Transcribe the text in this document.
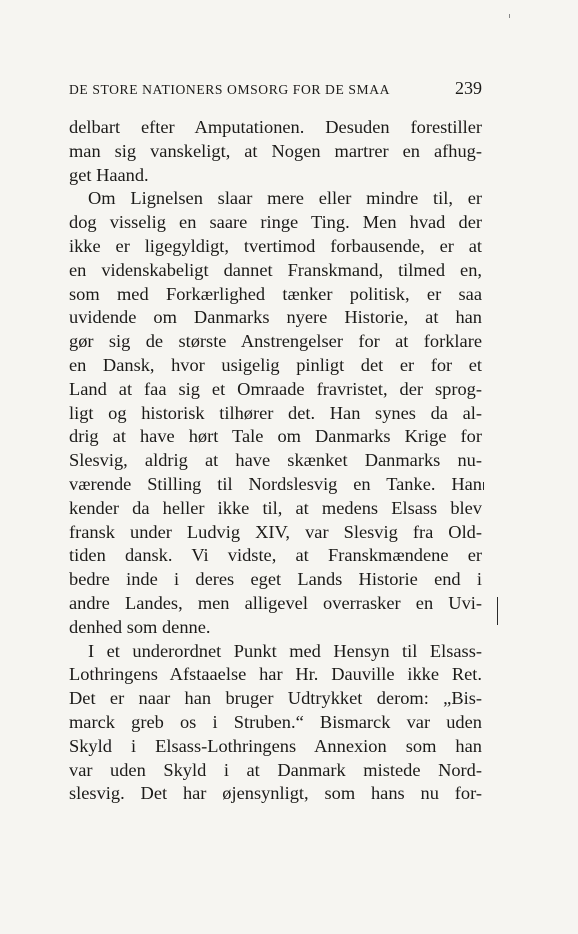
DE STORE NATIONERS OMSORG FOR DE SMAA	239
delbart efter Amputationen. Desuden forestiller
man sig vanskeligt, at Nogen martrer en afhug-
get Haand.
Om Lignelsen slaar mere eller mindre til, er
dog visselig en saare ringe Ting. Men hvad der
ikke er ligegyldigt, tvertimod forbausende, er at
en videnskabeligt dannet Franskmand, tilmed en,
som med Forkærlighed tænker politisk, er saa
uvidende om Danmarks nyere Historie, at han
gør sig de største Anstrengelser for at forklare
en Dansk, hvor usigelig pinligt det er for et
Land at faa sig et Omraade fravristet, der sprog-
ligt og historisk tilhører det. Han synes da al-
drig at have hørt Tale om Danmarks Krige for
Slesvig, aldrig at have skænket Danmarks nu-
værende Stilling til Nordslesvig en Tanke. Han
kender da heller ikke til, at medens Elsass blev
fransk under Ludvig XIV, var Slesvig fra Old-
tiden dansk. Vi vidste, at Franskmændene er
bedre inde i deres eget Lands Historie end i
andre Landes, men alligevel overrasker en Uvi-
denhed som denne.
I et underordnet Punkt med Hensyn til Elsass-
Lothringens Afstaaelse har Hr. Dauville ikke Ret.
Det er naar han bruger Udtrykket derom: „Bis-
marck greb os i Struben.“ Bismarck var uden
Skyld i Elsass-Lothringens Annexion som han
var uden Skyld i at Danmark mistede Nord-
slesvig. Det har øjensynligt, som hans nu for-
